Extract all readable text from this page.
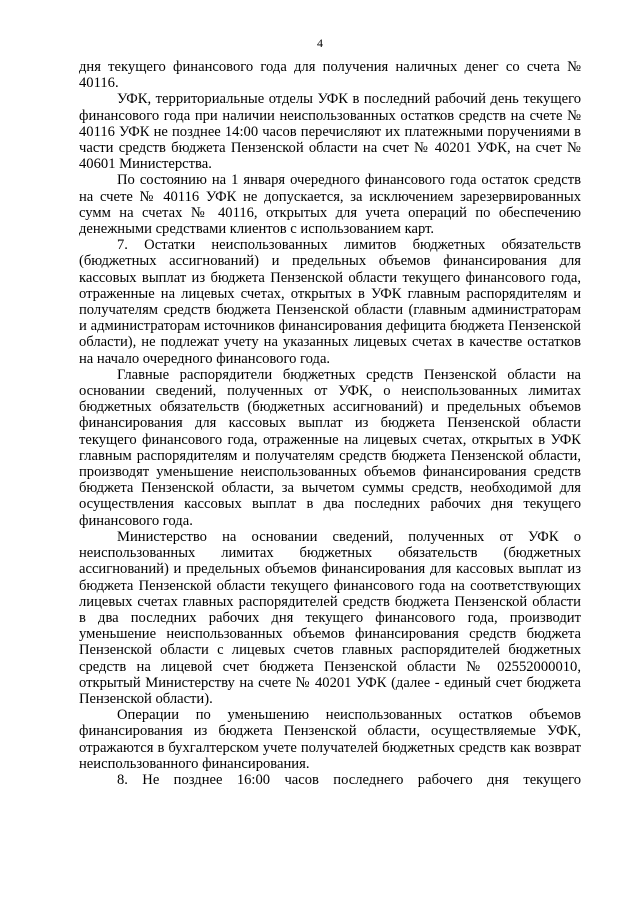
4

дня текущего финансового года для получения наличных денег со счета № 40116.

УФК, территориальные отделы УФК в последний рабочий день текущего финансового года при наличии неиспользованных остатков средств на счете № 40116 УФК не позднее 14:00 часов перечисляют их платежными поручениями в части средств бюджета Пензенской области на счет № 40201 УФК, на счет № 40601 Министерства.

По состоянию на 1 января очередного финансового года остаток средств на счете № 40116 УФК не допускается, за исключением зарезервированных сумм на счетах № 40116, открытых для учета операций по обеспечению денежными средствами клиентов с использованием карт.

7. Остатки неиспользованных лимитов бюджетных обязательств (бюджетных ассигнований) и предельных объемов финансирования для кассовых выплат из бюджета Пензенской области текущего финансового года, отраженные на лицевых счетах, открытых в УФК главным распорядителям и получателям средств бюджета Пензенской области (главным администраторам и администраторам источников финансирования дефицита бюджета Пензенской области), не подлежат учету на указанных лицевых счетах в качестве остатков на начало очередного финансового года.

Главные распорядители бюджетных средств Пензенской области на основании сведений, полученных от УФК, о неиспользованных лимитах бюджетных обязательств (бюджетных ассигнований) и предельных объемов финансирования для кассовых выплат из бюджета Пензенской области текущего финансового года, отраженные на лицевых счетах, открытых в УФК главным распорядителям и получателям средств бюджета Пензенской области, производят уменьшение неиспользованных объемов финансирования средств бюджета Пензенской области, за вычетом суммы средств, необходимой для осуществления кассовых выплат в два последних рабочих дня текущего финансового года.

Министерство на основании сведений, полученных от УФК о неиспользованных лимитах бюджетных обязательств (бюджетных ассигнований) и предельных объемов финансирования для кассовых выплат из бюджета Пензенской области текущего финансового года на соответствующих лицевых счетах главных распорядителей средств бюджета Пензенской области в два последних рабочих дня текущего финансового года, производит уменьшение неиспользованных объемов финансирования средств бюджета Пензенской области с лицевых счетов главных распорядителей бюджетных средств на лицевой счет бюджета Пензенской области № 02552000010, открытый Министерству на счете № 40201 УФК (далее - единый счет бюджета Пензенской области).

Операции по уменьшению неиспользованных остатков объемов финансирования из бюджета Пензенской области, осуществляемые УФК, отражаются в бухгалтерском учете получателей бюджетных средств как возврат неиспользованного финансирования.

8. Не позднее 16:00 часов последнего рабочего дня текущего
